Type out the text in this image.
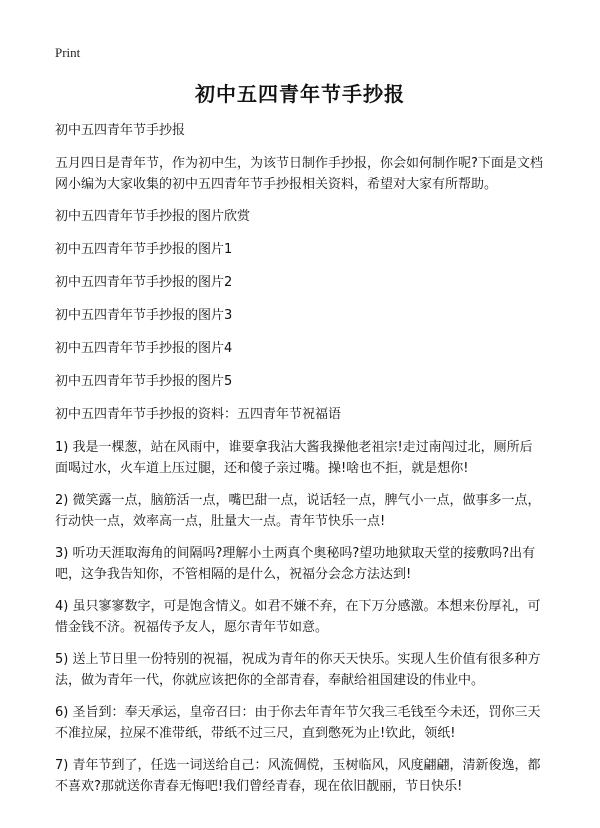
Print
初中五四青年节手抄报

初中五四青年节手抄报

五月四日是青年节，作为初中生，为该节日制作手抄报，你会如何制作呢?下面是文档网小编为大家收集的初中五四青年节手抄报相关资料，希望对大家有所帮助。

初中五四青年节手抄报的图片欣赏

初中五四青年节手抄报的图片1

初中五四青年节手抄报的图片2

初中五四青年节手抄报的图片3

初中五四青年节手抄报的图片4

初中五四青年节手抄报的图片5

初中五四青年节手抄报的资料：五四青年节祝福语

1) 我是一棵葱，站在风雨中，谁要拿我沾大酱我操他老祖宗!走过南闯过北，厕所后面喝过水，火车道上压过腿，还和傻子亲过嘴。操!啥也不拒，就是想你!

2) 微笑露一点，脑筋活一点，嘴巴甜一点，说话轻一点，脾气小一点，做事多一点，行动快一点，效率高一点，肚量大一点。青年节快乐一点!

3) 听功天涯取海角的间隔吗?理解小土两真个奥秘吗?望功地狱取天堂的接敷吗?出有吧，这争我告知你，不管相隔的是什么，祝福分会念方法达到!

4) 虽只寥寥数字，可是饱含情义。如君不嫌不弃，在下万分感激。本想来份厚礼，可惜金钱不济。祝福传予友人，愿尔青年节如意。

5) 送上节日里一份特别的祝福，祝成为青年的你天天快乐。实现人生价值有很多种方法，做为青年一代，你就应该把你的全部青春，奉献给祖国建设的伟业中。

6) 圣旨到：奉天承运，皇帝召曰：由于你去年青年节欠我三毛钱至今未还，罚你三天不准拉屎，拉屎不准带纸，带纸不过三尺，直到憋死为止!钦此，领纸!

7) 青年节到了，任选一词送给自己：风流倜傥，玉树临风，风度翩翩，清新俊逸，都不喜欢?那就送你青春无悔吧!我们曾经青春，现在依旧靓丽，节日快乐!
